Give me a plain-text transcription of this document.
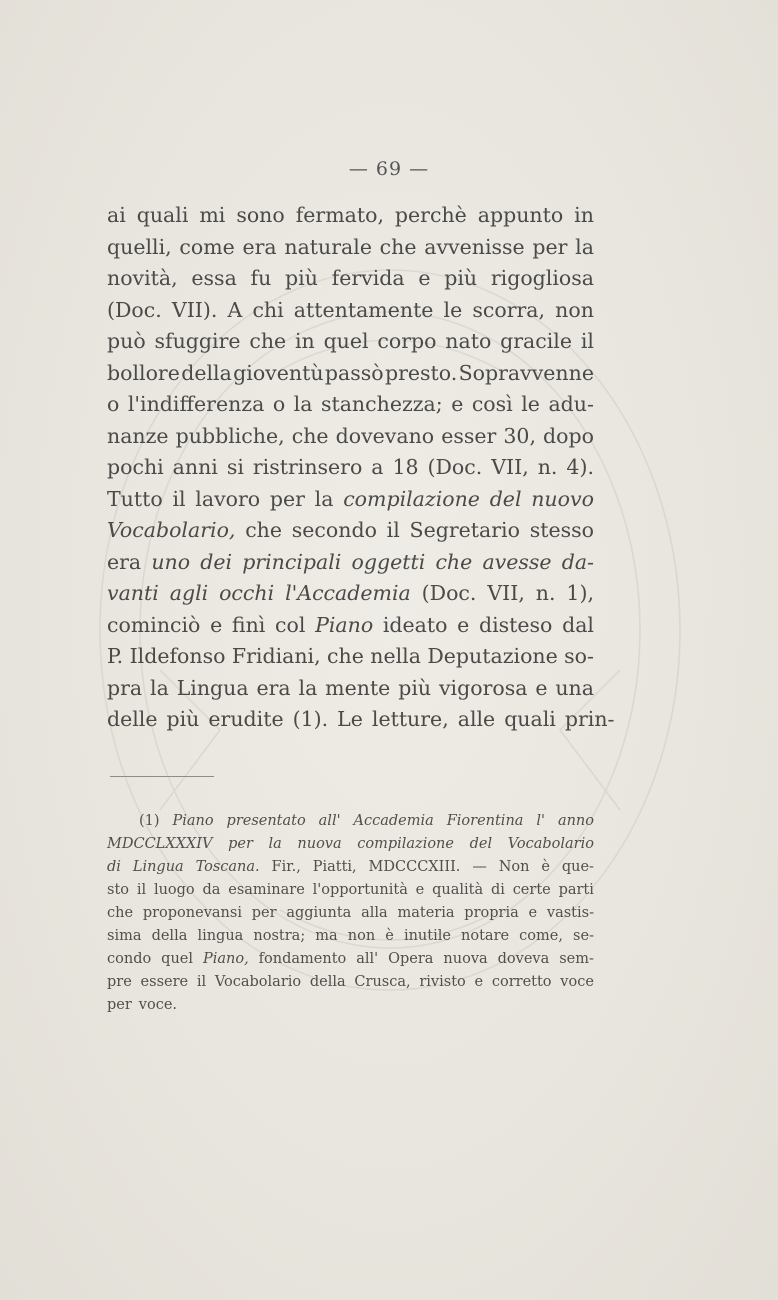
— 69 —
ai quali mi sono fermato, perchè appunto in
quelli, come era naturale che avvenisse per la
novità, essa fu più fervida e più rigogliosa
(Doc. VII). A chi attentamente le scorra, non
può sfuggire che in quel corpo nato gracile il
bollore della gioventù passò presto. Sopravvenne
o l'indifferenza o la stanchezza; e così le adu-
nanze pubbliche, che dovevano esser 30, dopo
pochi anni si ristrinsero a 18 (Doc. VII, n. 4).
Tutto il lavoro per la compilazione del nuovo
Vocabolario, che secondo il Segretario stesso
era uno dei principali oggetti che avesse da-
vanti agli occhi l'Accademia (Doc. VII, n. 1),
cominciò e finì col Piano ideato e disteso dal
P. Ildefonso Fridiani, che nella Deputazione so-
pra la Lingua era la mente più vigorosa e una
delle più erudite (1). Le letture, alle quali prin-
(1) Piano presentato all' Accademia Fiorentina l' anno
MDCCLXXXIV per la nuova compilazione del Vocabolario
di Lingua Toscana. Fir., Piatti, MDCCCXIII. — Non è que-
sto il luogo da esaminare l'opportunità e qualità di certe parti
che proponevansi per aggiunta alla materia propria e vastis-
sima della lingua nostra; ma non è inutile notare come, se-
condo quel Piano, fondamento all' Opera nuova doveva sem-
pre essere il Vocabolario della Crusca, rivisto e corretto voce
per voce.
